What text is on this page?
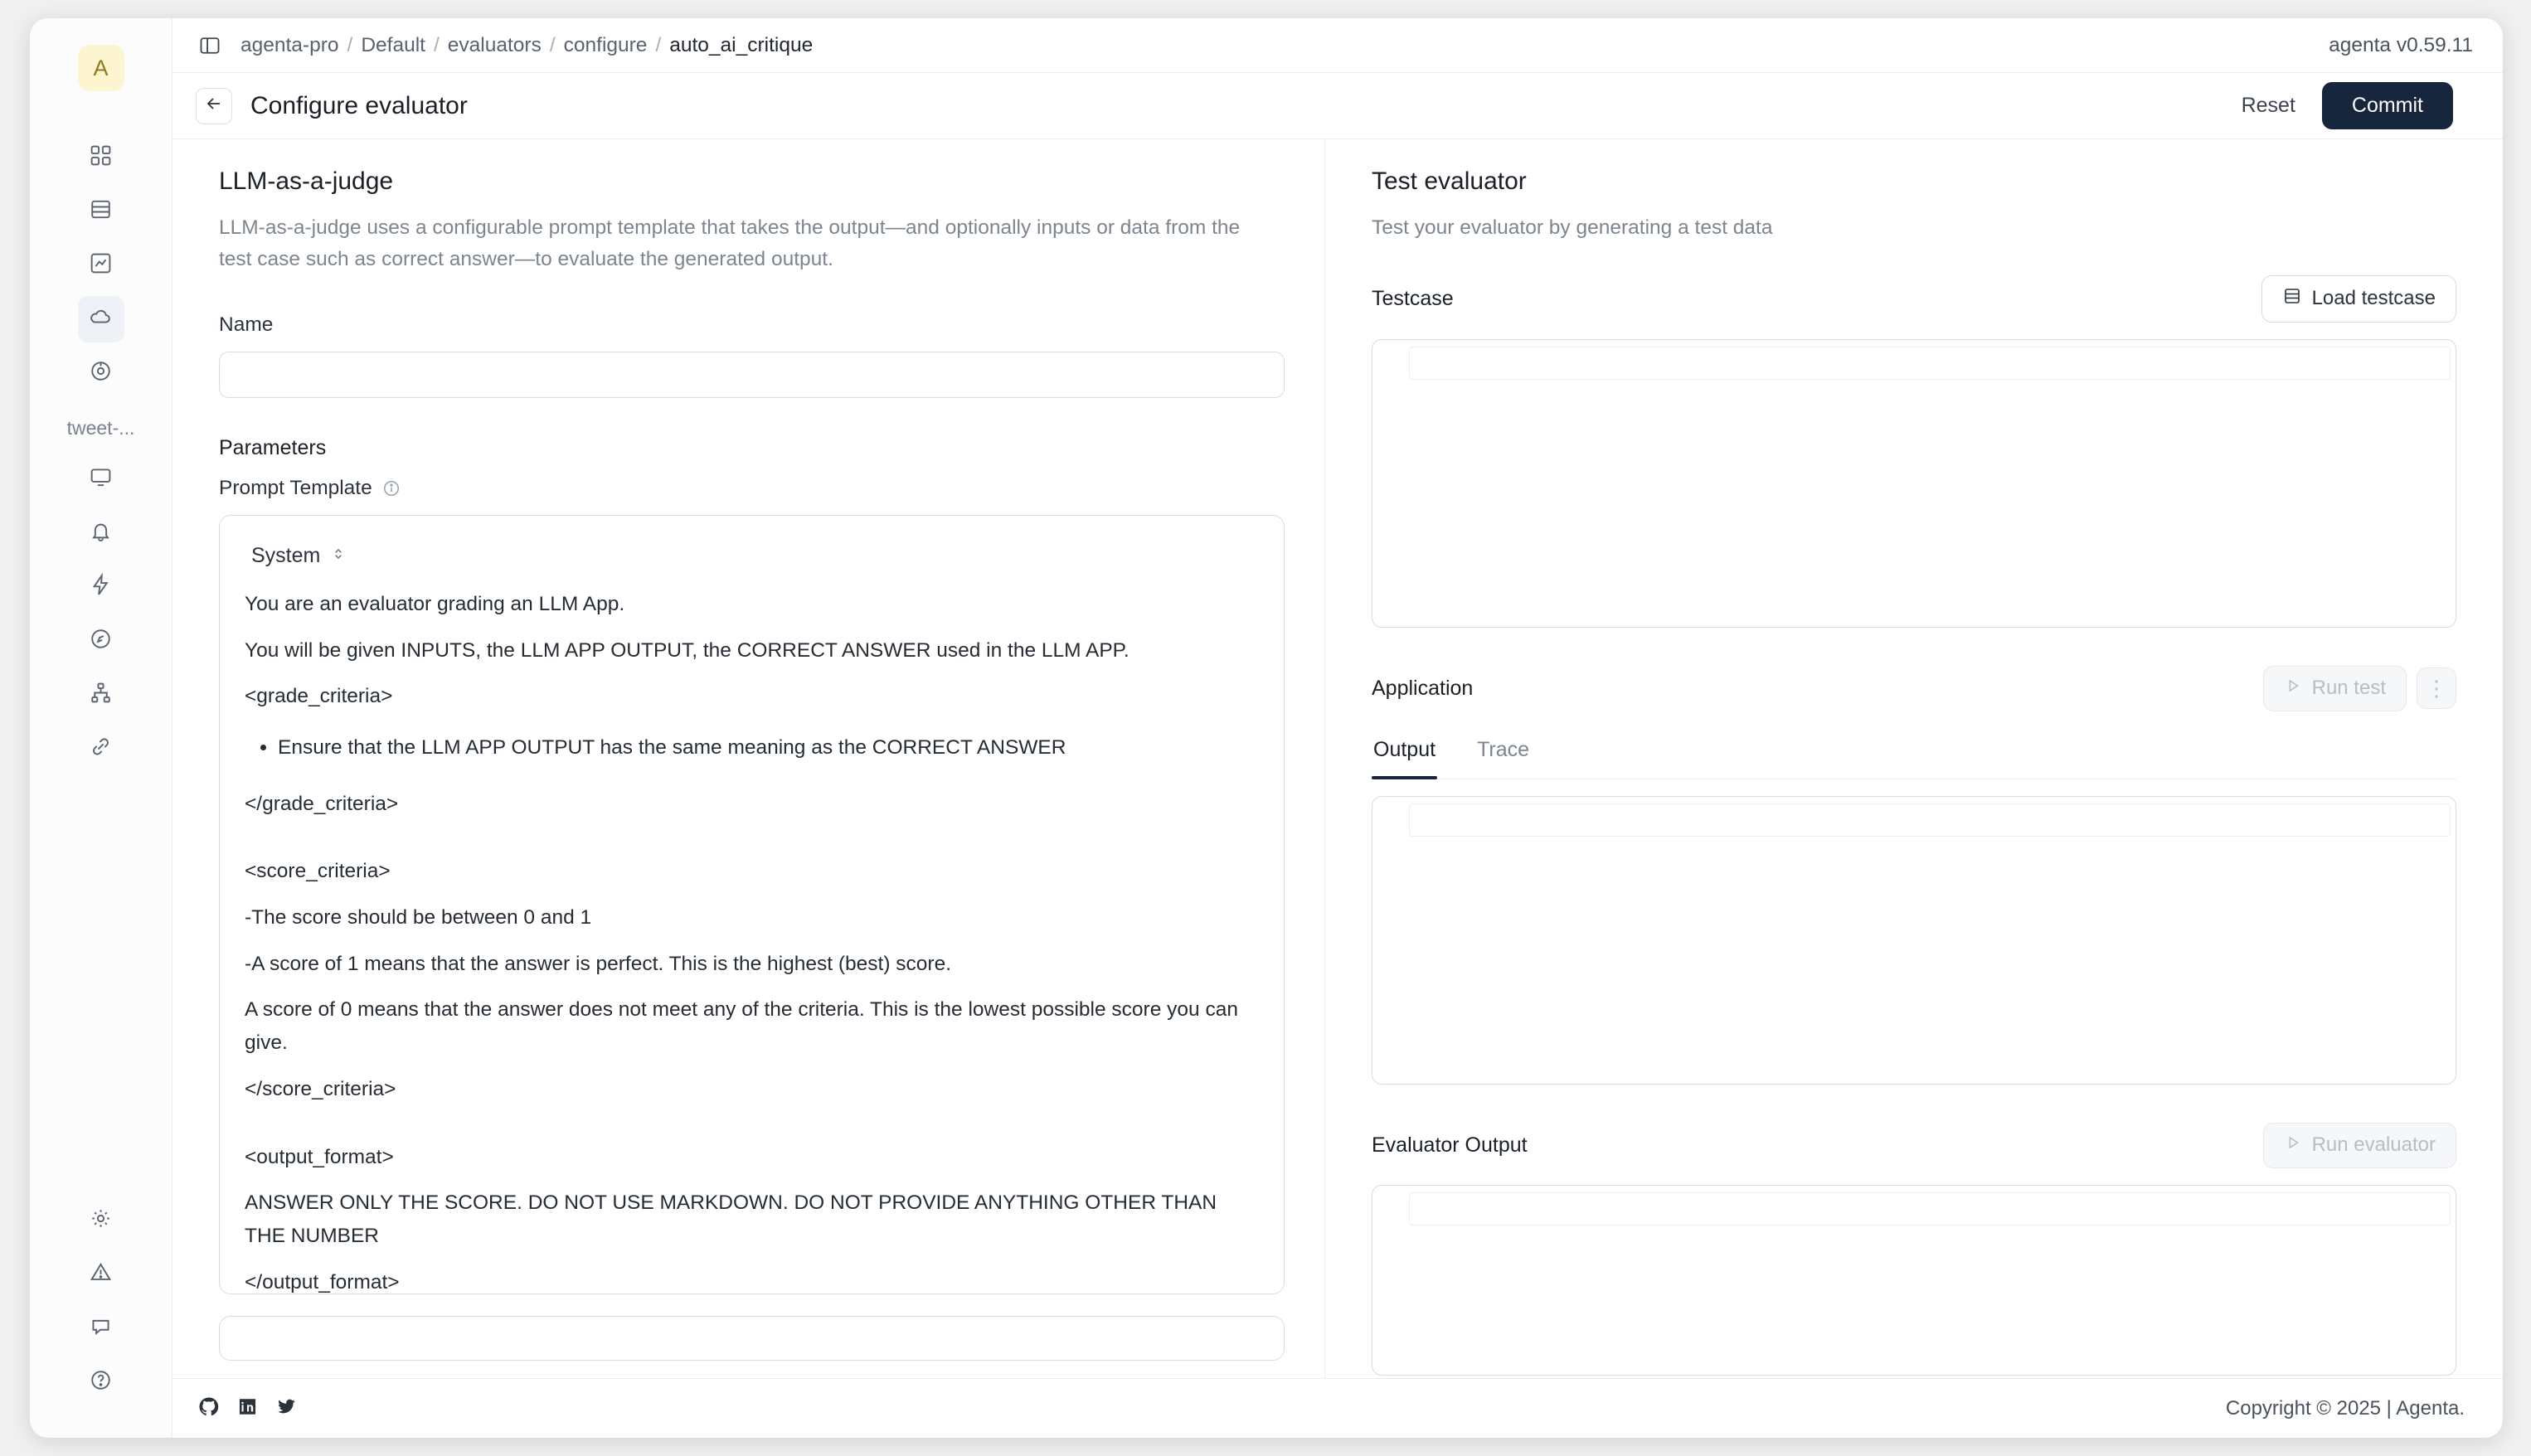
A
tweet-...
agenta-pro / Default / evaluators / configure / auto_ai_critique	agenta v0.59.11
Configure evaluator	Reset	Commit
LLM-as-a-judge

LLM-as-a-judge uses a configurable prompt template that takes the output—and optionally inputs or data from the test case such as correct answer—to evaluate the generated output.

Name
Parameters
Prompt Template
System

You are an evaluator grading an LLM App.

You will be given INPUTS, the LLM APP OUTPUT, the CORRECT ANSWER used in the LLM APP.

<grade_criteria>

• Ensure that the LLM APP OUTPUT has the same meaning as the CORRECT ANSWER

</grade_criteria>

<score_criteria>

-The score should be between 0 and 1

-A score of 1 means that the answer is perfect. This is the highest (best) score.

A score of 0 means that the answer does not meet any of the criteria. This is the lowest possible score you can give.

</score_criteria>

<output_format>

ANSWER ONLY THE SCORE. DO NOT USE MARKDOWN. DO NOT PROVIDE ANYTHING OTHER THAN THE NUMBER

</output_format>

Test evaluator

Test your evaluator by generating a test data

Testcase	Load testcase
Application	Run test	⋮
Output Trace
Evaluator Output	Run evaluator
Copyright © 2025 | Agenta.
